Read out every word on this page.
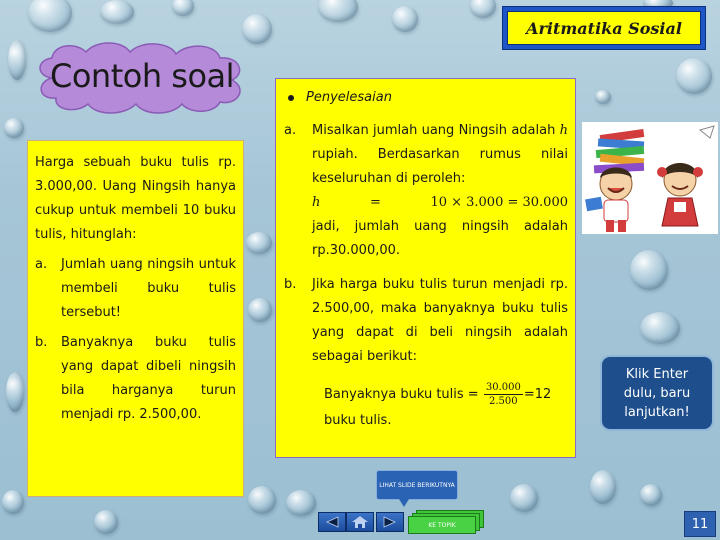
Aritmatika Sosial
Contoh soal
Harga sebuah buku tulis rp. 3.000,00. Uang Ningsih hanya cukup untuk membeli 10 buku tulis, hitunglah:
a.	Jumlah uang ningsih untuk membeli buku tulis tersebut!
b.	Banyaknya buku tulis yang dapat dibeli ningsih bila harganya turun menjadi rp. 2.500,00.
Penyelesaian
a.	Misalkan jumlah uang Ningsih adalah ℎ rupiah. Berdasarkan rumus nilai keseluruhan di peroleh:
ℎ	=	10 × 3.000 = 30.000
jadi, jumlah uang ningsih adalah rp.30.000,00.
b.	Jika harga buku tulis turun menjadi rp. 2.500,00, maka banyaknya buku tulis yang dapat di beli ningsih adalah sebagai berikut:
Banyaknya buku tulis = $\frac{30.000}{2.500} =12$
buku tulis.
Klik Enter dulu, baru lanjutkan!
LIHAT SLIDE BERIKUTNYA
KE TOPIK	11
